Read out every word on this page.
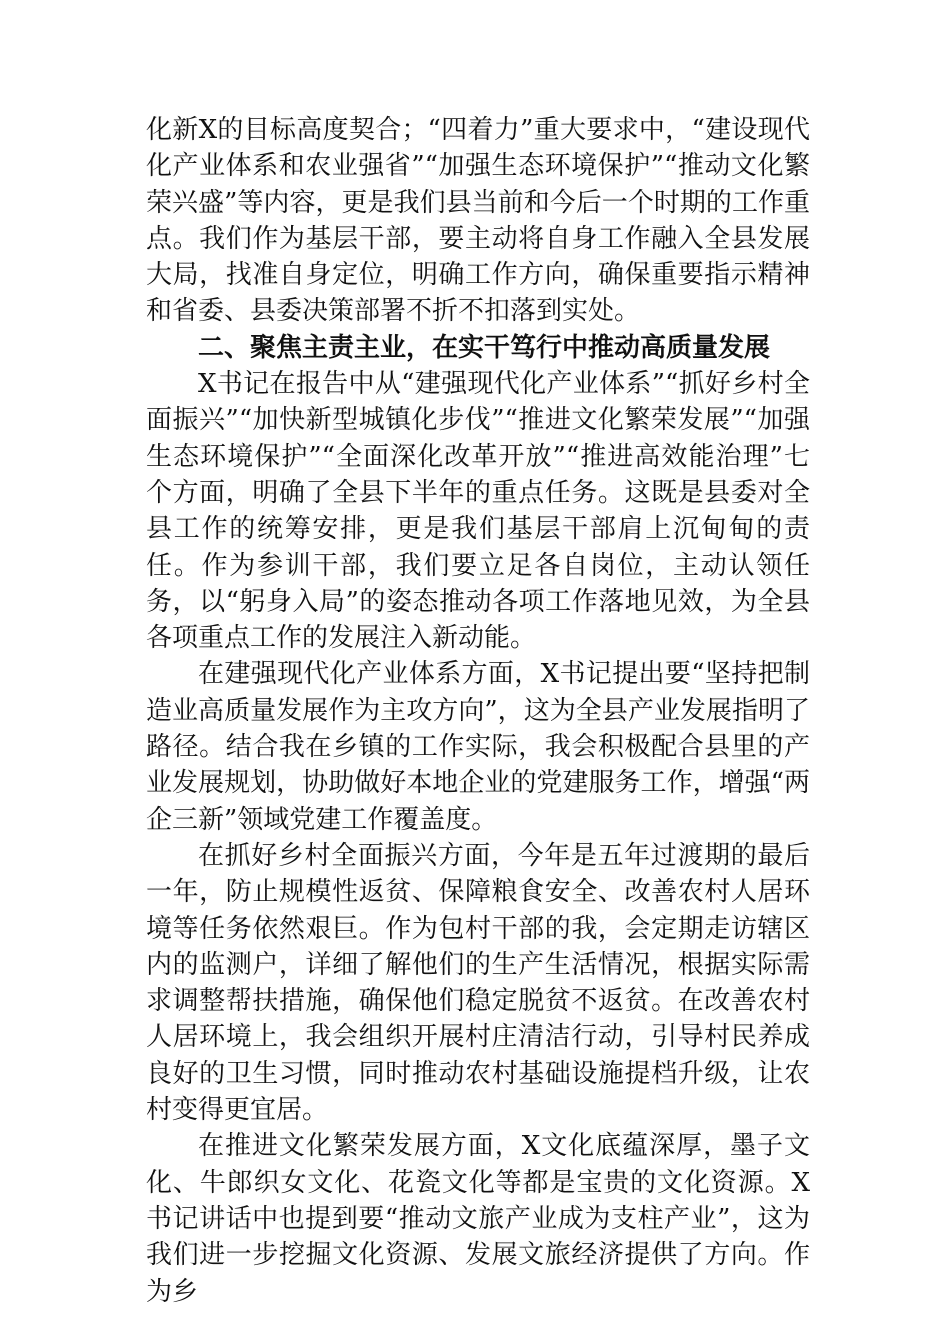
化新X的目标高度契合；“四着力”重大要求中，“建设现代化产业体系和农业强省”“加强生态环境保护”“推动文化繁荣兴盛”等内容，更是我们县当前和今后一个时期的工作重点。我们作为基层干部，要主动将自身工作融入全县发展大局，找准自身定位，明确工作方向，确保重要指示精神和省委、县委决策部署不折不扣落到实处。

二、聚焦主责主业，在实干笃行中推动高质量发展

X书记在报告中从“建强现代化产业体系”“抓好乡村全面振兴”“加快新型城镇化步伐”“推进文化繁荣发展”“加强生态环境保护”“全面深化改革开放”“推进高效能治理”七个方面，明确了全县下半年的重点任务。这既是县委对全县工作的统筹安排，更是我们基层干部肩上沉甸甸的责任。作为参训干部，我们要立足各自岗位，主动认领任务，以“躬身入局”的姿态推动各项工作落地见效，为全县各项重点工作的发展注入新动能。

在建强现代化产业体系方面，X书记提出要“坚持把制造业高质量发展作为主攻方向”，这为全县产业发展指明了路径。结合我在乡镇的工作实际，我会积极配合县里的产业发展规划，协助做好本地企业的党建服务工作，增强“两企三新”领域党建工作覆盖度。

在抓好乡村全面振兴方面，今年是五年过渡期的最后一年，防止规模性返贫、保障粮食安全、改善农村人居环境等任务依然艰巨。作为包村干部的我，会定期走访辖区内的监测户，详细了解他们的生产生活情况，根据实际需求调整帮扶措施，确保他们稳定脱贫不返贫。在改善农村人居环境上，我会组织开展村庄清洁行动，引导村民养成良好的卫生习惯，同时推动农村基础设施提档升级，让农村变得更宜居。

在推进文化繁荣发展方面，X文化底蕴深厚，墨子文化、牛郎织女文化、花瓷文化等都是宝贵的文化资源。X书记讲话中也提到要“推动文旅产业成为支柱产业”，这为我们进一步挖掘文化资源、发展文旅经济提供了方向。作为乡
